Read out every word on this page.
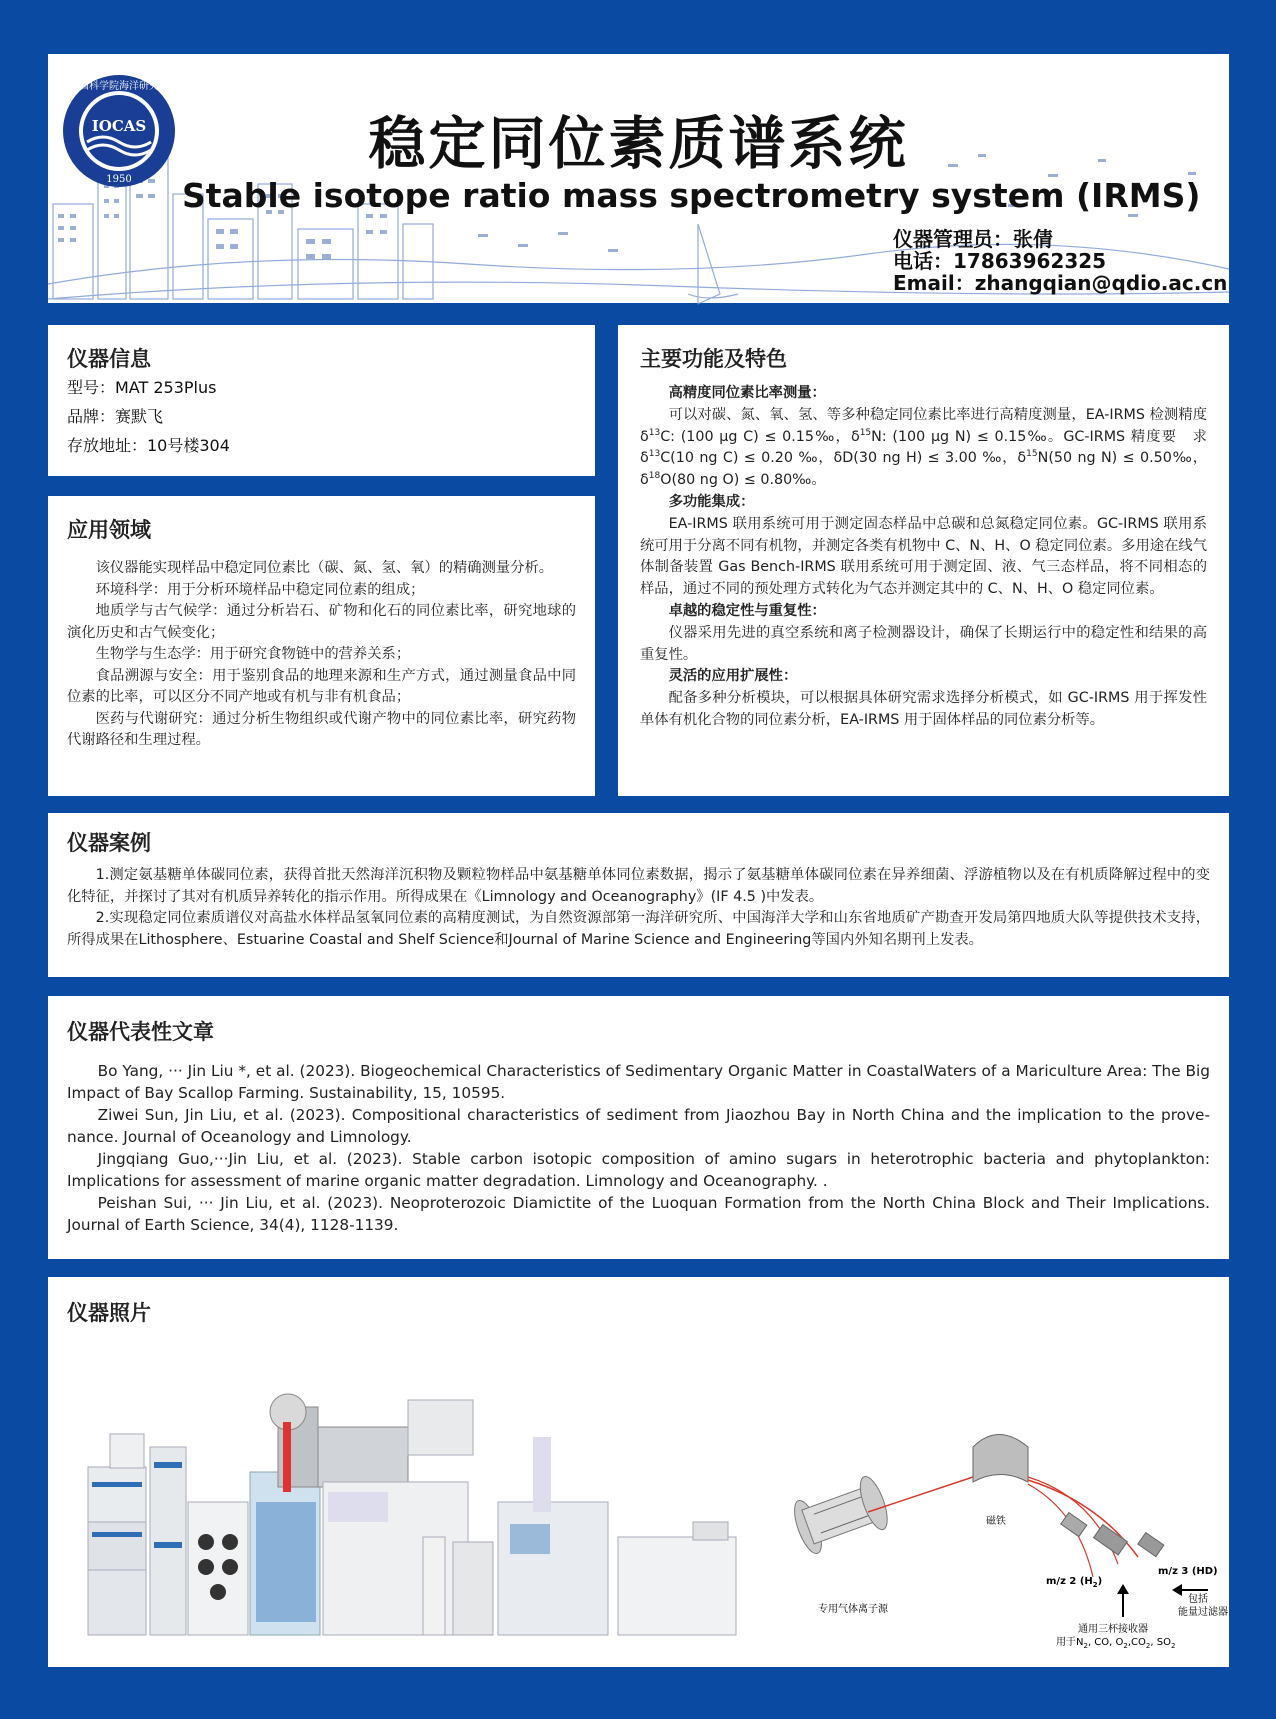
IOCAS
1950
中国科学院海洋研究所
稳定同位素质谱系统
Stable isotope ratio mass spectrometry system (IRMS)
仪器管理员：张倩
电话：17863962325
Email：zhangqian@qdio.ac.cn
仪器信息
型号：MAT 253Plus
品牌：赛默飞
存放地址：10号楼304
应用领域
该仪器能实现样品中稳定同位素比（碳、氮、氢、氧）的精确测量分析。
环境科学：用于分析环境样品中稳定同位素的组成；
地质学与古气候学：通过分析岩石、矿物和化石的同位素比率，研究地球的演化历史和古气候变化；
生物学与生态学：用于研究食物链中的营养关系；
食品溯源与安全：用于鉴别食品的地理来源和生产方式，通过测量食品中同位素的比率，可以区分不同产地或有机与非有机食品；
医药与代谢研究：通过分析生物组织或代谢产物中的同位素比率，研究药物代谢路径和生理过程。
主要功能及特色
高精度同位素比率测量：
可以对碳、氮、氧、氢、等多种稳定同位素比率进行高精度测量，EA-IRMS 检测精度 $\delta^{13}C$: (100 μg C) ≤ 0.15‰，$\delta^{15}N$: (100 μg N) ≤ 0.15‰。GC-IRMS 精度要　求 $\delta^{13}C(10$ ng C) ≤ 0.20 ‰，δD(30 ng H) ≤ 3.00 ‰，$\delta^{15}N(50$ ng N) ≤ 0.50‰，$\delta^{18}O(80$ ng O) ≤ 0.80‰。
多功能集成：
EA-IRMS 联用系统可用于测定固态样品中总碳和总氮稳定同位素。GC-IRMS 联用系统可用于分离不同有机物，并测定各类有机物中 C、N、H、O 稳定同位素。多用途在线气体制备装置 Gas Bench-IRMS 联用系统可用于测定固、液、气三态样品，将不同相态的样品，通过不同的预处理方式转化为气态并测定其中的 C、N、H、O 稳定同位素。
卓越的稳定性与重复性：
仪器采用先进的真空系统和离子检测器设计，确保了长期运行中的稳定性和结果的高重复性。
灵活的应用扩展性：
配备多种分析模块，可以根据具体研究需求选择分析模式，如 GC-IRMS 用于挥发性单体有机化合物的同位素分析，EA-IRMS 用于固体样品的同位素分析等。
仪器案例
1.测定氨基糖单体碳同位素，获得首批天然海洋沉积物及颗粒物样品中氨基糖单体同位素数据，揭示了氨基糖单体碳同位素在异养细菌、浮游植物以及在有机质降解过程中的变化特征，并探讨了其对有机质异养转化的指示作用。所得成果在《Limnology and Oceanography》(IF 4.5 )中发表。
2.实现稳定同位素质谱仪对高盐水体样品氢氧同位素的高精度测试，为自然资源部第一海洋研究所、中国海洋大学和山东省地质矿产勘查开发局第四地质大队等提供技术支持，所得成果在Lithosphere、Estuarine Coastal and Shelf Science和Journal of Marine Science and Engineering等国内外知名期刊上发表。
仪器代表性文章
Bo Yang, ··· Jin Liu *, et al. (2023). Biogeochemical Characteristics of Sedimentary Organic Matter in CoastalWaters of a Mariculture Area: The Big Impact of Bay Scallop Farming. Sustainability, 15, 10595.
Ziwei Sun, Jin Liu, et al. (2023). Compositional characteristics of sediment from Jiaozhou Bay in North China and the implication to the prove-nance. Journal of Oceanology and Limnology.
Jingqiang Guo,···Jin Liu, et al. (2023). Stable carbon isotopic composition of amino sugars in heterotrophic bacteria and phytoplankton: Implications for assessment of marine organic matter degradation. Limnology and Oceanography. .
Peishan Sui, ··· Jin Liu, et al. (2023). Neoproterozoic Diamictite of the Luoquan Formation from the North China Block and Their Implications. Journal of Earth Science, 34(4), 1128-1139.
仪器照片
磁铁
m/z 3 (HD)
m/z 2 $(H_2)$
专用气体离子源
包括
能量过滤器
通用三杯接收器
用于$N_2$, CO, $O_2,CO_2$, $SO_2$
